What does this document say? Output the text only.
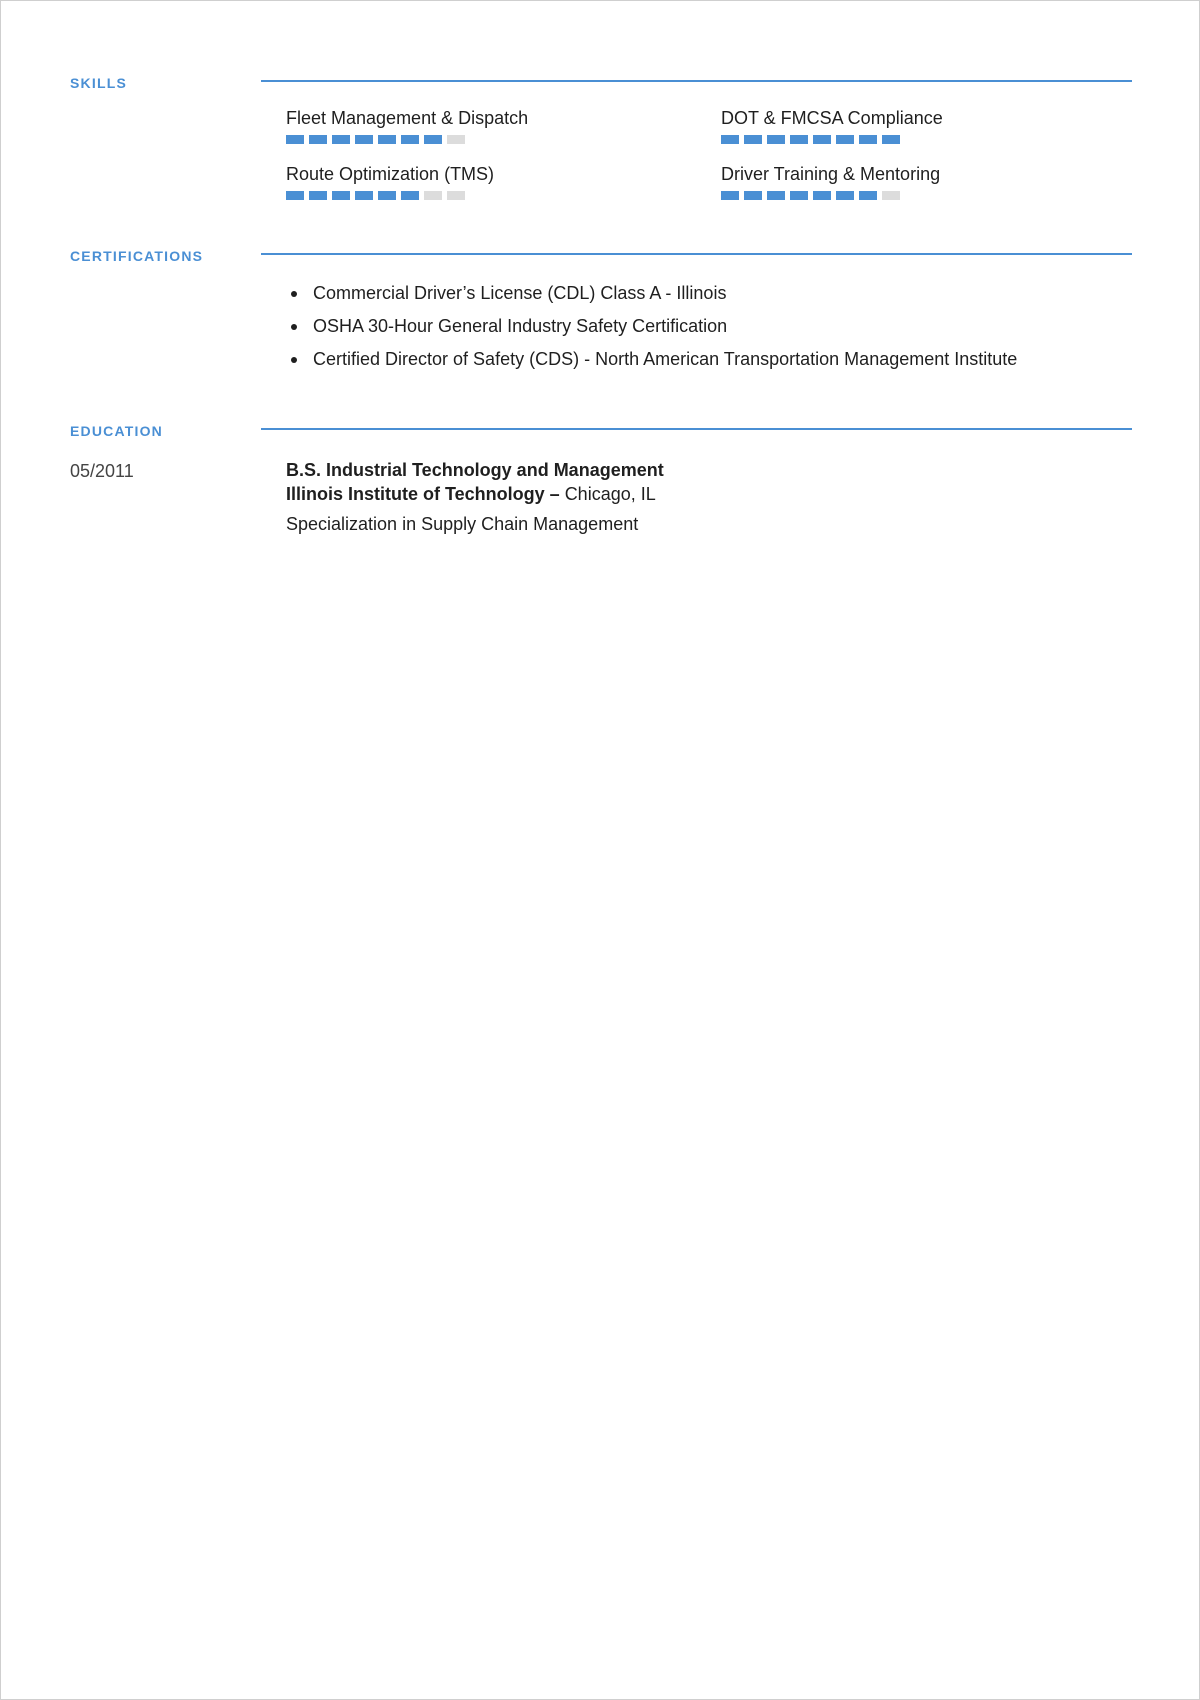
SKILLS
Fleet Management & Dispatch	DOT & FMCSA Compliance
Route Optimization (TMS)	Driver Training & Mentoring
CERTIFICATIONS
Commercial Driver’s License (CDL) Class A - Illinois
OSHA 30-Hour General Industry Safety Certification
Certified Director of Safety (CDS) - North American Transportation Management Institute
EDUCATION
05/2011	B.S. Industrial Technology and Management
Illinois Institute of Technology – Chicago, IL
Specialization in Supply Chain Management
